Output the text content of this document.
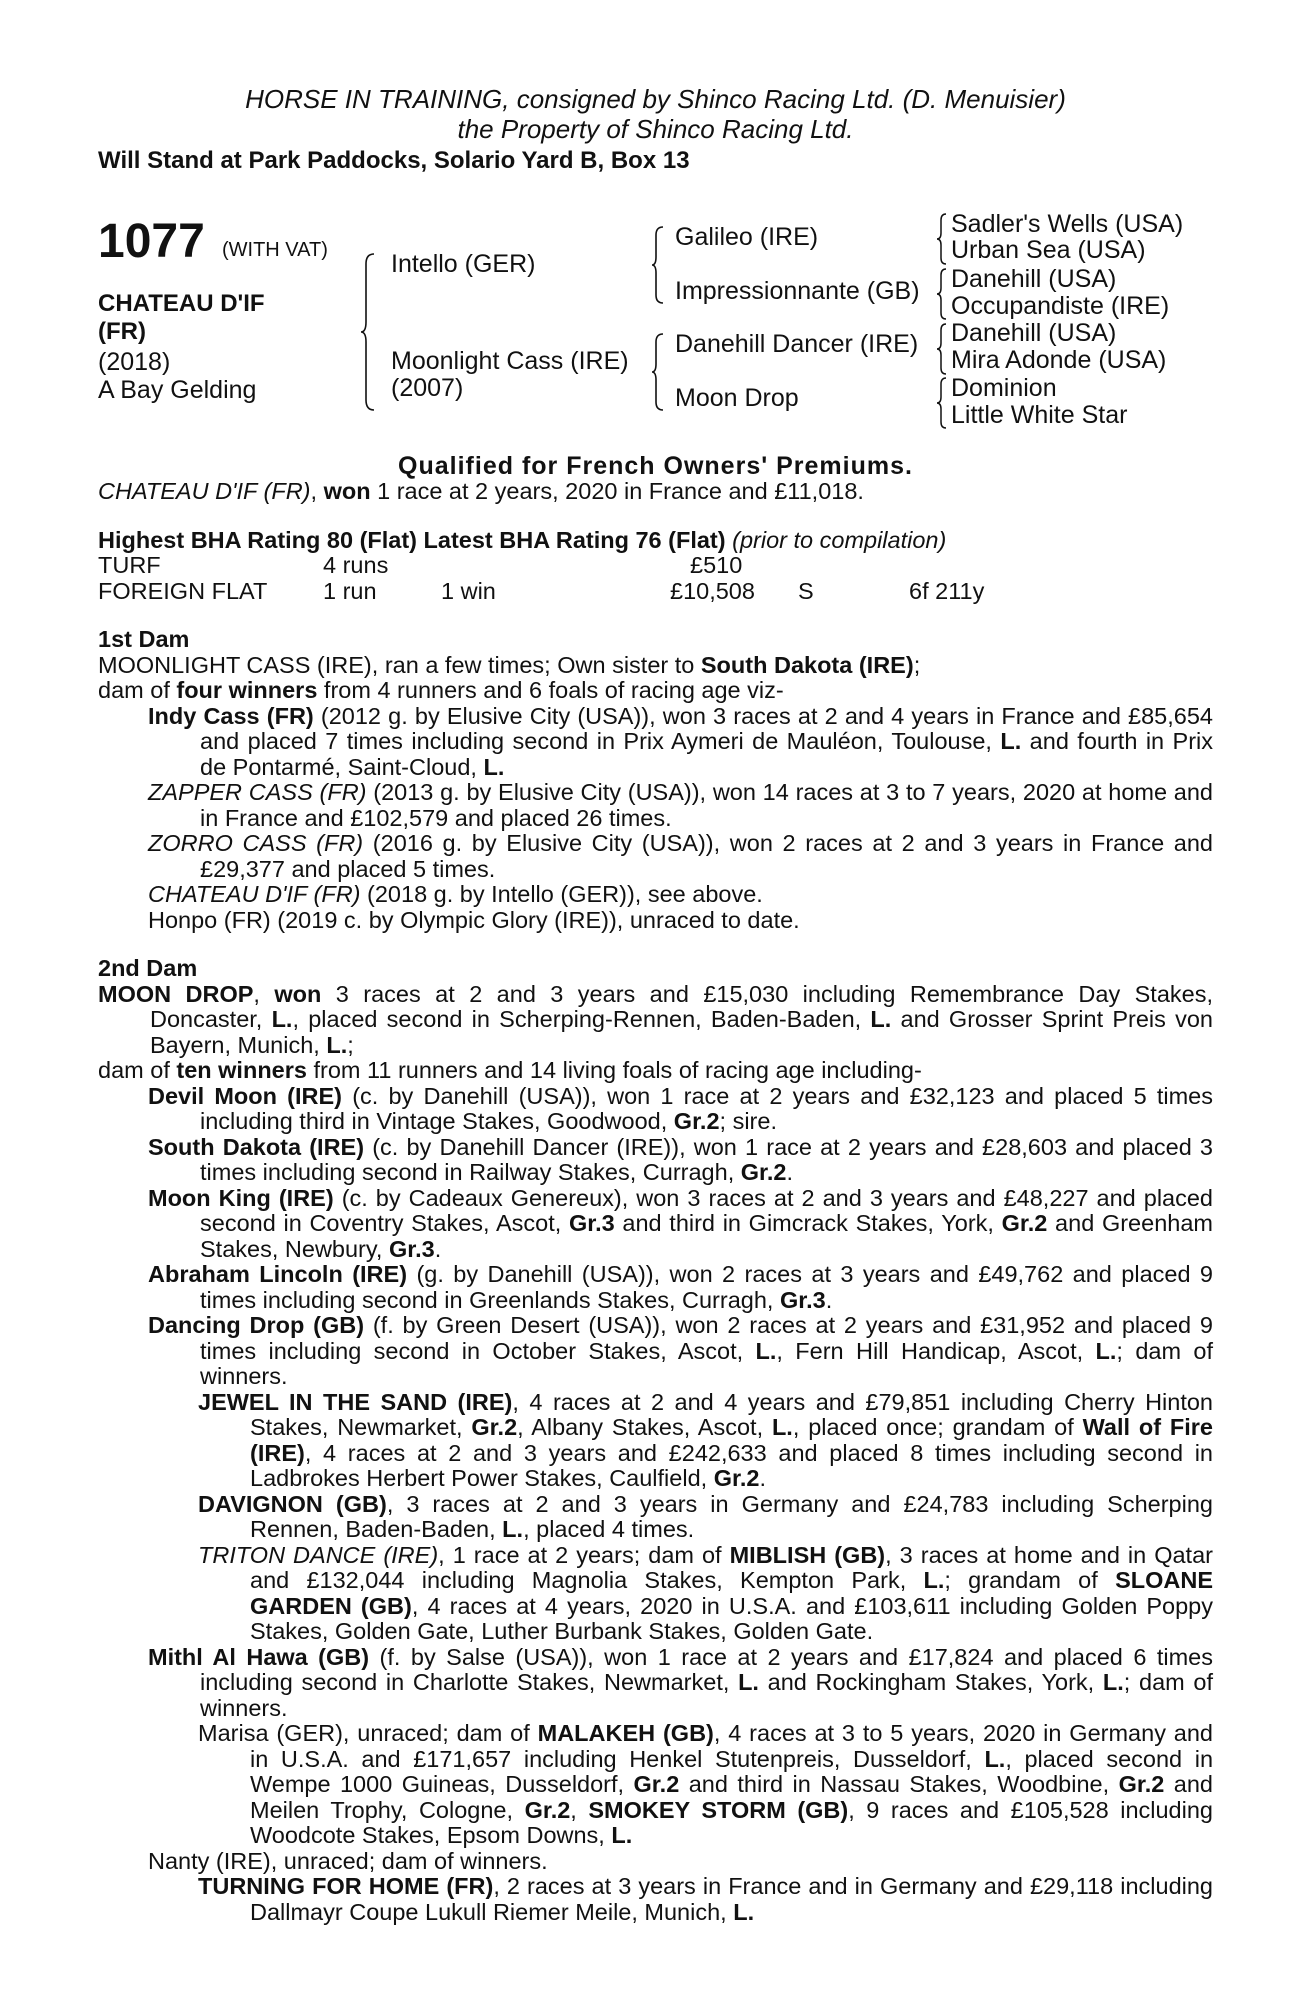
HORSE IN TRAINING, consigned by Shinco Racing Ltd. (D. Menuisier)
the Property of Shinco Racing Ltd.
Will Stand at Park Paddocks, Solario Yard B, Box 13
1077 (WITH VAT)
CHATEAU D'IF
(FR)
(2018)
A Bay Gelding
Intello (GER)
Moonlight Cass (IRE)
(2007)
Galileo (IRE)
Impressionnante (GB)
Danehill Dancer (IRE)
Moon Drop
Sadler's Wells (USA)
Urban Sea (USA)
Danehill (USA)
Occupandiste (IRE)
Danehill (USA)
Mira Adonde (USA)
Dominion
Little White Star
Qualified for French Owners' Premiums.

CHATEAU D'IF (FR), won 1 race at 2 years, 2020 in France and £11,018.

Highest BHA Rating 80 (Flat) Latest BHA Rating 76 (Flat) (prior to compilation)

TURF	4 runs	£510
FOREIGN FLAT 1 run	1 win	£10,508 S	6f 211y
1st Dam

MOONLIGHT CASS (IRE), ran a few times; Own sister to South Dakota (IRE);

dam of four winners from 4 runners and 6 foals of racing age viz-

Indy Cass (FR) (2012 g. by Elusive City (USA)), won 3 races at 2 and 4 years in France and £85,654 and placed 7 times including second in Prix Aymeri de Mauléon, Toulouse, L. and fourth in Prix de Pontarmé, Saint-Cloud, L.

ZAPPER CASS (FR) (2013 g. by Elusive City (USA)), won 14 races at 3 to 7 years, 2020 at home and in France and £102,579 and placed 26 times.

ZORRO CASS (FR) (2016 g. by Elusive City (USA)), won 2 races at 2 and 3 years in France and £29,377 and placed 5 times.

CHATEAU D'IF (FR) (2018 g. by Intello (GER)), see above.

Honpo (FR) (2019 c. by Olympic Glory (IRE)), unraced to date.

2nd Dam

MOON DROP, won 3 races at 2 and 3 years and £15,030 including Remembrance Day Stakes, Doncaster, L., placed second in Scherping-Rennen, Baden-Baden, L. and Grosser Sprint Preis von Bayern, Munich, L.;

dam of ten winners from 11 runners and 14 living foals of racing age including-

Devil Moon (IRE) (c. by Danehill (USA)), won 1 race at 2 years and £32,123 and placed 5 times including third in Vintage Stakes, Goodwood, Gr.2; sire.

South Dakota (IRE) (c. by Danehill Dancer (IRE)), won 1 race at 2 years and £28,603 and placed 3 times including second in Railway Stakes, Curragh, Gr.2.

Moon King (IRE) (c. by Cadeaux Genereux), won 3 races at 2 and 3 years and £48,227 and placed second in Coventry Stakes, Ascot, Gr.3 and third in Gimcrack Stakes, York, Gr.2 and Greenham Stakes, Newbury, Gr.3.

Abraham Lincoln (IRE) (g. by Danehill (USA)), won 2 races at 3 years and £49,762 and placed 9 times including second in Greenlands Stakes, Curragh, Gr.3.

Dancing Drop (GB) (f. by Green Desert (USA)), won 2 races at 2 years and £31,952 and placed 9 times including second in October Stakes, Ascot, L., Fern Hill Handicap, Ascot, L.; dam of winners.

JEWEL IN THE SAND (IRE), 4 races at 2 and 4 years and £79,851 including Cherry Hinton Stakes, Newmarket, Gr.2, Albany Stakes, Ascot, L., placed once; grandam of Wall of Fire (IRE), 4 races at 2 and 3 years and £242,633 and placed 8 times including second in Ladbrokes Herbert Power Stakes, Caulfield, Gr.2.

DAVIGNON (GB), 3 races at 2 and 3 years in Germany and £24,783 including Scherping Rennen, Baden-Baden, L., placed 4 times.

TRITON DANCE (IRE), 1 race at 2 years; dam of MIBLISH (GB), 3 races at home and in Qatar and £132,044 including Magnolia Stakes, Kempton Park, L.; grandam of SLOANE GARDEN (GB), 4 races at 4 years, 2020 in U.S.A. and £103,611 including Golden Poppy Stakes, Golden Gate, Luther Burbank Stakes, Golden Gate.

Mithl Al Hawa (GB) (f. by Salse (USA)), won 1 race at 2 years and £17,824 and placed 6 times including second in Charlotte Stakes, Newmarket, L. and Rockingham Stakes, York, L.; dam of winners.

Marisa (GER), unraced; dam of MALAKEH (GB), 4 races at 3 to 5 years, 2020 in Germany and in U.S.A. and £171,657 including Henkel Stutenpreis, Dusseldorf, L., placed second in Wempe 1000 Guineas, Dusseldorf, Gr.2 and third in Nassau Stakes, Woodbine, Gr.2 and Meilen Trophy, Cologne, Gr.2, SMOKEY STORM (GB), 9 races and £105,528 including Woodcote Stakes, Epsom Downs, L.

Nanty (IRE), unraced; dam of winners.

TURNING FOR HOME (FR), 2 races at 3 years in France and in Germany and £29,118 including Dallmayr Coupe Lukull Riemer Meile, Munich, L.
